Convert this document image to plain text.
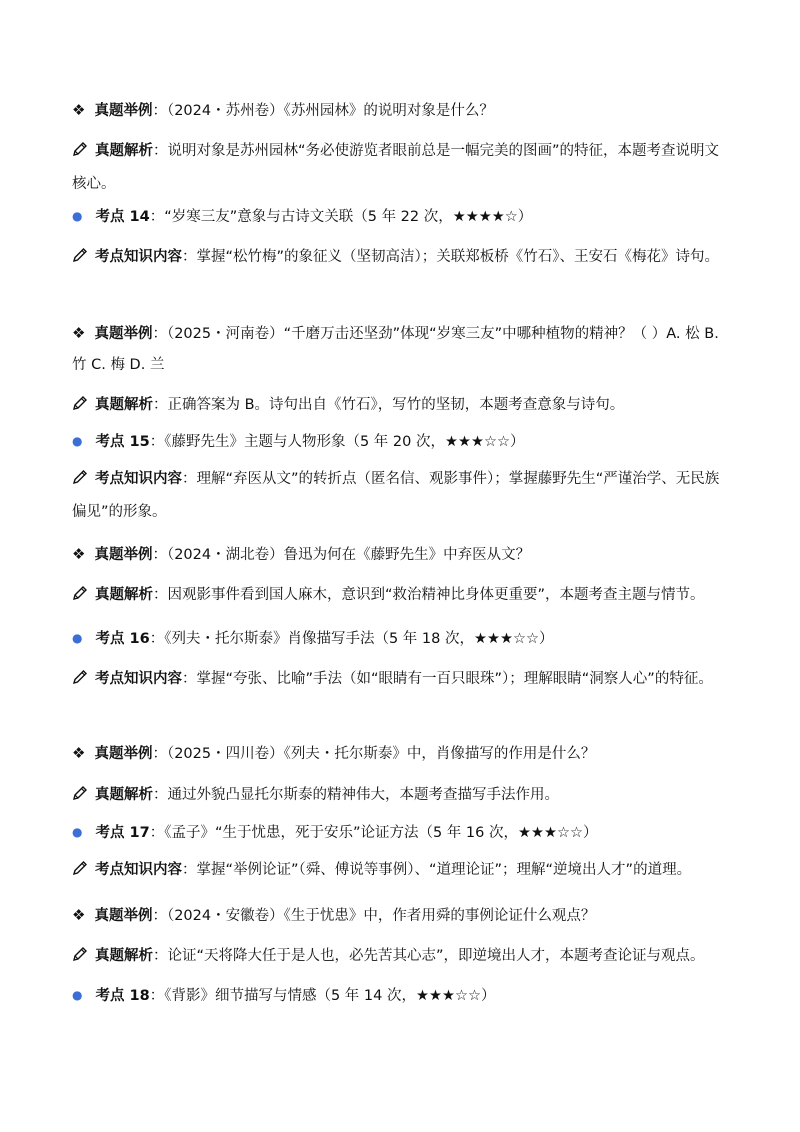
❖ 真题举例：（2024・苏州卷）《苏州园林》的说明对象是什么？
真题解析：说明对象是苏州园林“务必使游览者眼前总是一幅完美的图画”的特征，本题考查说明文核心。
● 考点 14：“岁寒三友”意象与古诗文关联（5 年 22 次，★★★★☆）
考点知识内容：掌握“松竹梅”的象征义（坚韧高洁）；关联郑板桥《竹石》、王安石《梅花》诗句。
❖ 真题举例：（2025・河南卷）“千磨万击还坚劲”体现“岁寒三友”中哪种植物的精神？（ ）A. 松 B. 竹 C. 梅 D. 兰
真题解析：正确答案为 B。诗句出自《竹石》，写竹的坚韧，本题考查意象与诗句。
● 考点 15：《藤野先生》主题与人物形象（5 年 20 次，★★★☆☆）
考点知识内容：理解“弃医从文”的转折点（匿名信、观影事件）；掌握藤野先生“严谨治学、无民族偏见”的形象。
❖ 真题举例：（2024・湖北卷）鲁迅为何在《藤野先生》中弃医从文？
真题解析：因观影事件看到国人麻木，意识到“救治精神比身体更重要”，本题考查主题与情节。
● 考点 16：《列夫・托尔斯泰》肖像描写手法（5 年 18 次，★★★☆☆）
考点知识内容：掌握“夸张、比喻”手法（如“眼睛有一百只眼珠”）；理解眼睛“洞察人心”的特征。
❖ 真题举例：（2025・四川卷）《列夫・托尔斯泰》中，肖像描写的作用是什么？
真题解析：通过外貌凸显托尔斯泰的精神伟大，本题考查描写手法作用。
● 考点 17：《孟子》“生于忧患，死于安乐”论证方法（5 年 16 次，★★★☆☆）
考点知识内容：掌握“举例论证”（舜、傅说等事例）、“道理论证”；理解“逆境出人才”的道理。
❖ 真题举例：（2024・安徽卷）《生于忧患》中，作者用舜的事例论证什么观点？
真题解析：论证“天将降大任于是人也，必先苦其心志”，即逆境出人才，本题考查论证与观点。
● 考点 18：《背影》细节描写与情感（5 年 14 次，★★★☆☆）
